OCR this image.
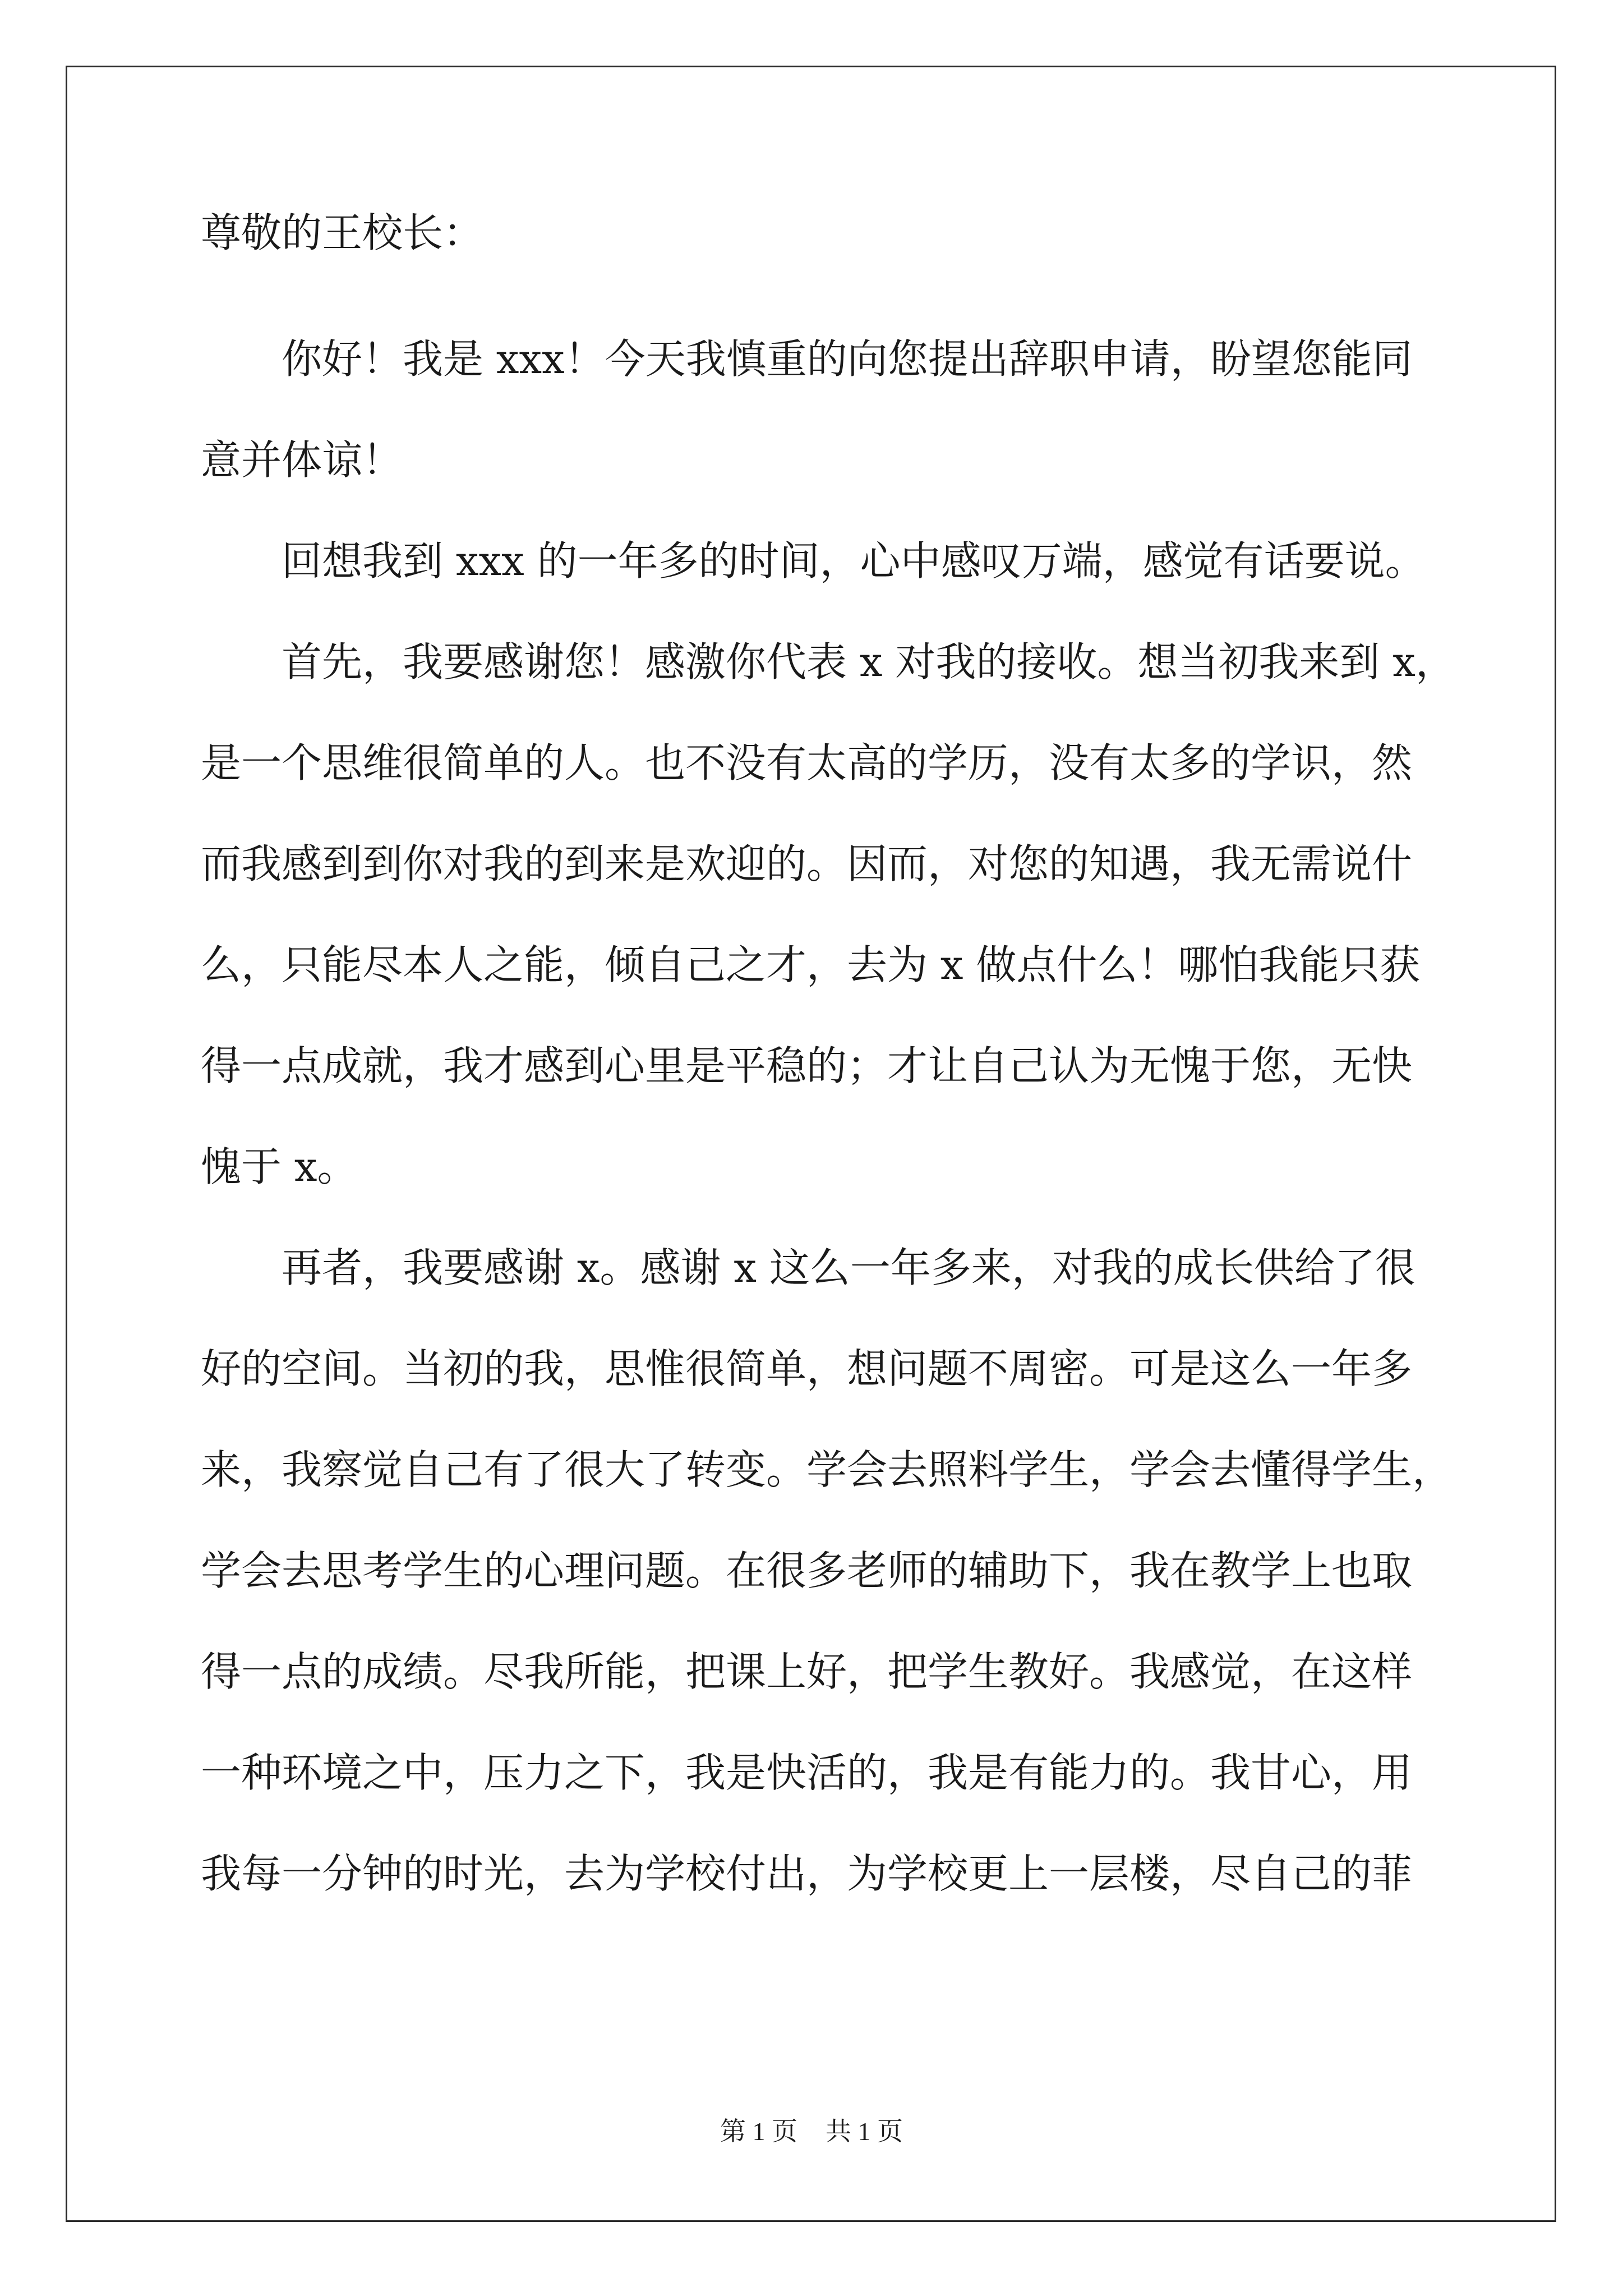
尊敬的王校长：
你好！我是 xxx！今天我慎重的向您提出辞职申请，盼望您能同
意并体谅！
回想我到 xxx 的一年多的时间，心中感叹万端，感觉有话要说。
首先，我要感谢您！感激你代表 x 对我的接收。想当初我来到 x，
是一个思维很简单的人。也不没有太高的学历，没有太多的学识，然
而我感到到你对我的到来是欢迎的。因而，对您的知遇，我无需说什
么，只能尽本人之能，倾自己之才，去为 x 做点什么！哪怕我能只获
得一点成就，我才感到心里是平稳的；才让自己认为无愧于您，无快
愧于 x。
再者，我要感谢 x。感谢 x 这么一年多来，对我的成长供给了很
好的空间。当初的我，思惟很简单，想问题不周密。可是这么一年多
来，我察觉自己有了很大了转变。学会去照料学生，学会去懂得学生，
学会去思考学生的心理问题。在很多老师的辅助下，我在教学上也取
得一点的成绩。尽我所能，把课上好，把学生教好。我感觉，在这样
一种环境之中，压力之下，我是快活的，我是有能力的。我甘心，用
我每一分钟的时光，去为学校付出，为学校更上一层楼，尽自己的菲
第 1 页 共 1 页
